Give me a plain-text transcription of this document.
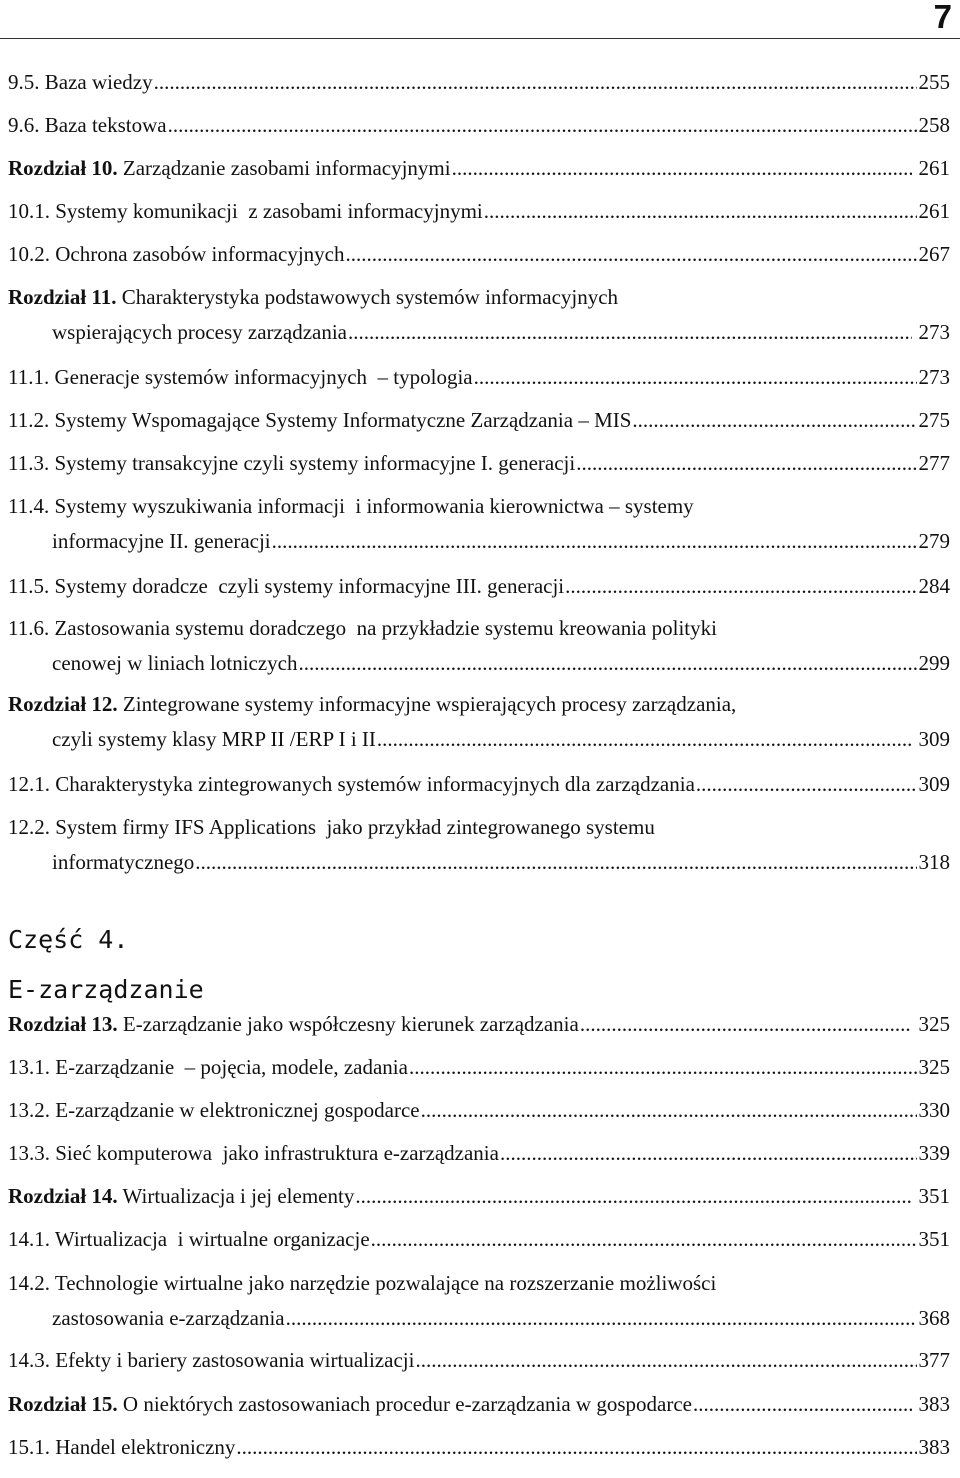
7
9.5. Baza wiedzy .....	255
9.6. Baza tekstowa .....	258
Rozdział 10. Zarządzanie zasobami informacyjnymi .....	261
10.1. Systemy komunikacji  z zasobami informacyjnymi .....	261
10.2. Ochrona zasobów informacyjnych .....	267
Rozdział 11. Charakterystyka podstawowych systemów informacyjnych
wspierających procesy zarządzania .....	273
11.1. Generacje systemów informacyjnych  – typologia .....	273
11.2. Systemy Wspomagające Systemy Informatyczne Zarządzania – MIS .....	275
11.3. Systemy transakcyjne czyli systemy informacyjne I. generacji .....	277
11.4. Systemy wyszukiwania informacji  i informowania kierownictwa – systemy
informacyjne II. generacji .....	279
11.5. Systemy doradcze  czyli systemy informacyjne III. generacji .....	284
11.6. Zastosowania systemu doradczego  na przykładzie systemu kreowania polityki
cenowej w liniach lotniczych .....	299
Rozdział 12. Zintegrowane systemy informacyjne wspierających procesy zarządzania,
czyli systemy klasy MRP II /ERP I i II .....	309
12.1. Charakterystyka zintegrowanych systemów informacyjnych dla zarządzania .....	309
12.2. System firmy IFS Applications  jako przykład zintegrowanego systemu
informatycznego .....	318
Rozdział 13. E-zarządzanie jako współczesny kierunek zarządzania .....	325
13.1. E-zarządzanie  – pojęcia, modele, zadania .....	325
13.2. E-zarządzanie w elektronicznej gospodarce .....	330
13.3. Sieć komputerowa  jako infrastruktura e-zarządzania .....	339
Rozdział 14. Wirtualizacja i jej elementy .....	351
14.1. Wirtualizacja  i wirtualne organizacje .....	351
14.2. Technologie wirtualne jako narzędzie pozwalające na rozszerzanie możliwości
zastosowania e-zarządzania .....	368
14.3. Efekty i bariery zastosowania wirtualizacji .....	377
Rozdział 15. O niektórych zastosowaniach procedur e-zarządzania w gospodarce .....	383
15.1. Handel elektroniczny .....	383
Część 4.
E-zarządzanie
